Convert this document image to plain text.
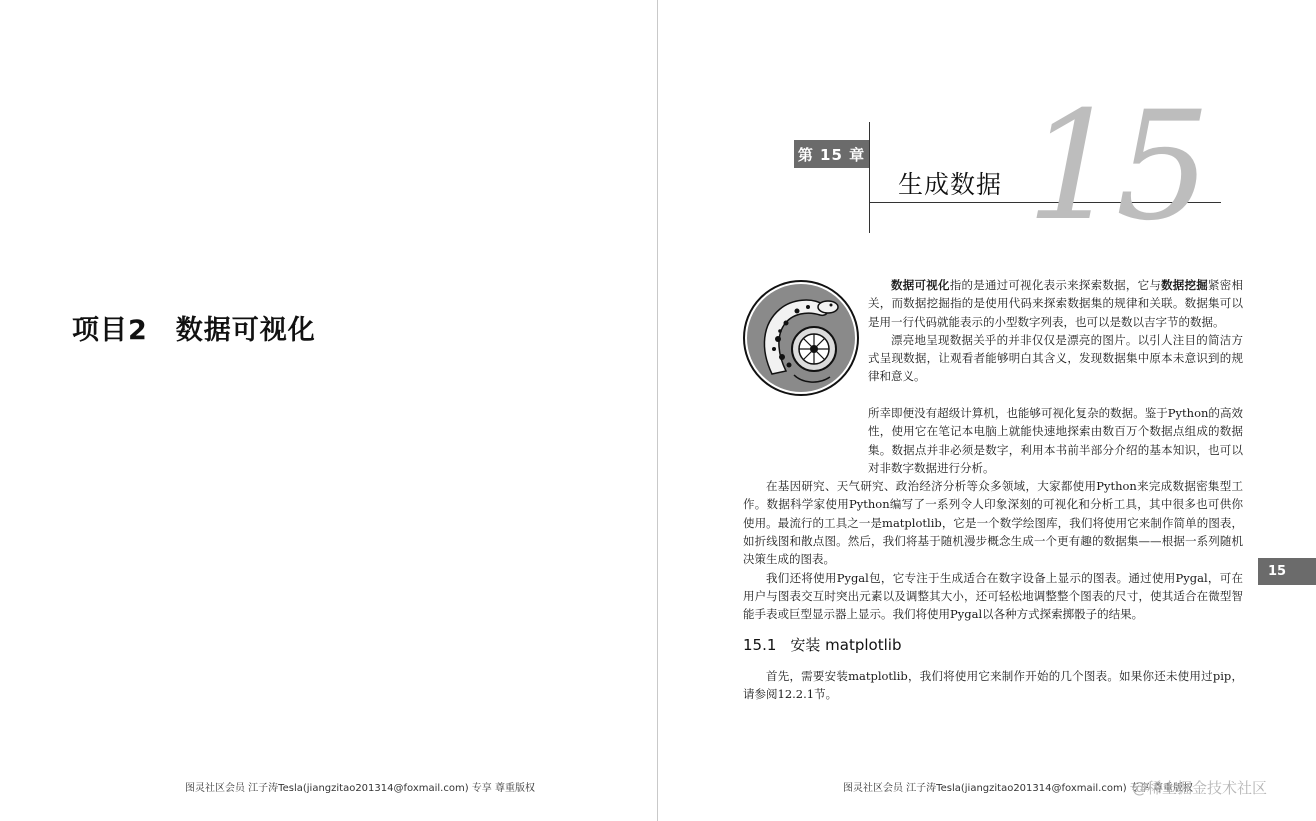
项目2　数据可视化
图灵社区会员 江子涛Tesla(jiangzitao201314@foxmail.com) 专享 尊重版权
第 15 章 15
生成数据

数据可视化指的是通过可视化表示来探索数据，它与数据挖掘紧密相关，而数据挖掘指的是使用代码来探索数据集的规律和关联。数据集可以是用一行代码就能表示的小型数字列表，也可以是数以吉字节的数据。

漂亮地呈现数据关乎的并非仅仅是漂亮的图片。以引人注目的简洁方式呈现数据，让观看者能够明白其含义，发现数据集中原本未意识到的规律和意义。

所幸即便没有超级计算机，也能够可视化复杂的数据。鉴于Python的高效性，使用它在笔记本电脑上就能快速地探索由数百万个数据点组成的数据集。数据点并非必须是数字，利用本书前半部分介绍的基本知识，也可以对非数字数据进行分析。

在基因研究、天气研究、政治经济分析等众多领域，大家都使用Python来完成数据密集型工作。数据科学家使用Python编写了一系列令人印象深刻的可视化和分析工具，其中很多也可供你使用。最流行的工具之一是matplotlib，它是一个数学绘图库，我们将使用它来制作简单的图表，如折线图和散点图。然后，我们将基于随机漫步概念生成一个更有趣的数据集——根据一系列随机决策生成的图表。

我们还将使用Pygal包，它专注于生成适合在数字设备上显示的图表。通过使用Pygal，可在用户与图表交互时突出元素以及调整其大小，还可轻松地调整整个图表的尺寸，使其适合在微型智能手表或巨型显示器上显示。我们将使用Pygal以各种方式探索掷骰子的结果。

15.1 安装 matplotlib

首先，需要安装matplotlib，我们将使用它来制作开始的几个图表。如果你还未使用过pip，请参阅12.2.1节。

15
图灵社区会员 江子涛Tesla(jiangzitao201314@foxmail.com) 专享 尊重版权
@稀土掘金技术社区
